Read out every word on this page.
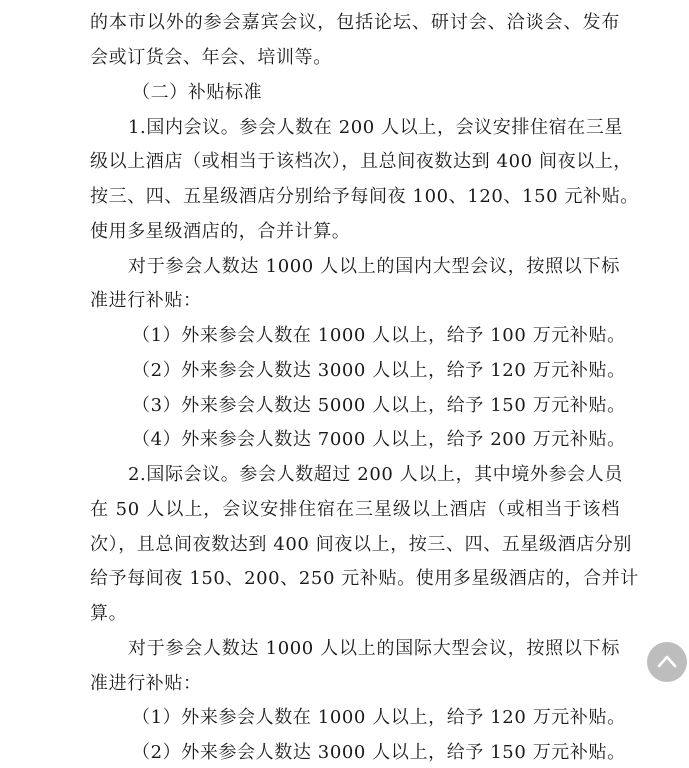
的本市以外的参会嘉宾会议，包括论坛、研讨会、洽谈会、发布
会或订货会、年会、培训等。
（二）补贴标准
1.国内会议。参会人数在 200 人以上，会议安排住宿在三星
级以上酒店（或相当于该档次），且总间夜数达到 400 间夜以上，
按三、四、五星级酒店分别给予每间夜 100、120、150 元补贴。
使用多星级酒店的，合并计算。
对于参会人数达 1000 人以上的国内大型会议，按照以下标
准进行补贴：
（1）外来参会人数在 1000 人以上，给予 100 万元补贴。
（2）外来参会人数达 3000 人以上，给予 120 万元补贴。
（3）外来参会人数达 5000 人以上，给予 150 万元补贴。
（4）外来参会人数达 7000 人以上，给予 200 万元补贴。
2.国际会议。参会人数超过 200 人以上，其中境外参会人员
在 50 人以上，会议安排住宿在三星级以上酒店（或相当于该档
次），且总间夜数达到 400 间夜以上，按三、四、五星级酒店分别
给予每间夜 150、200、250 元补贴。使用多星级酒店的，合并计
算。
对于参会人数达 1000 人以上的国际大型会议，按照以下标
准进行补贴：
（1）外来参会人数在 1000 人以上，给予 120 万元补贴。
（2）外来参会人数达 3000 人以上，给予 150 万元补贴。
